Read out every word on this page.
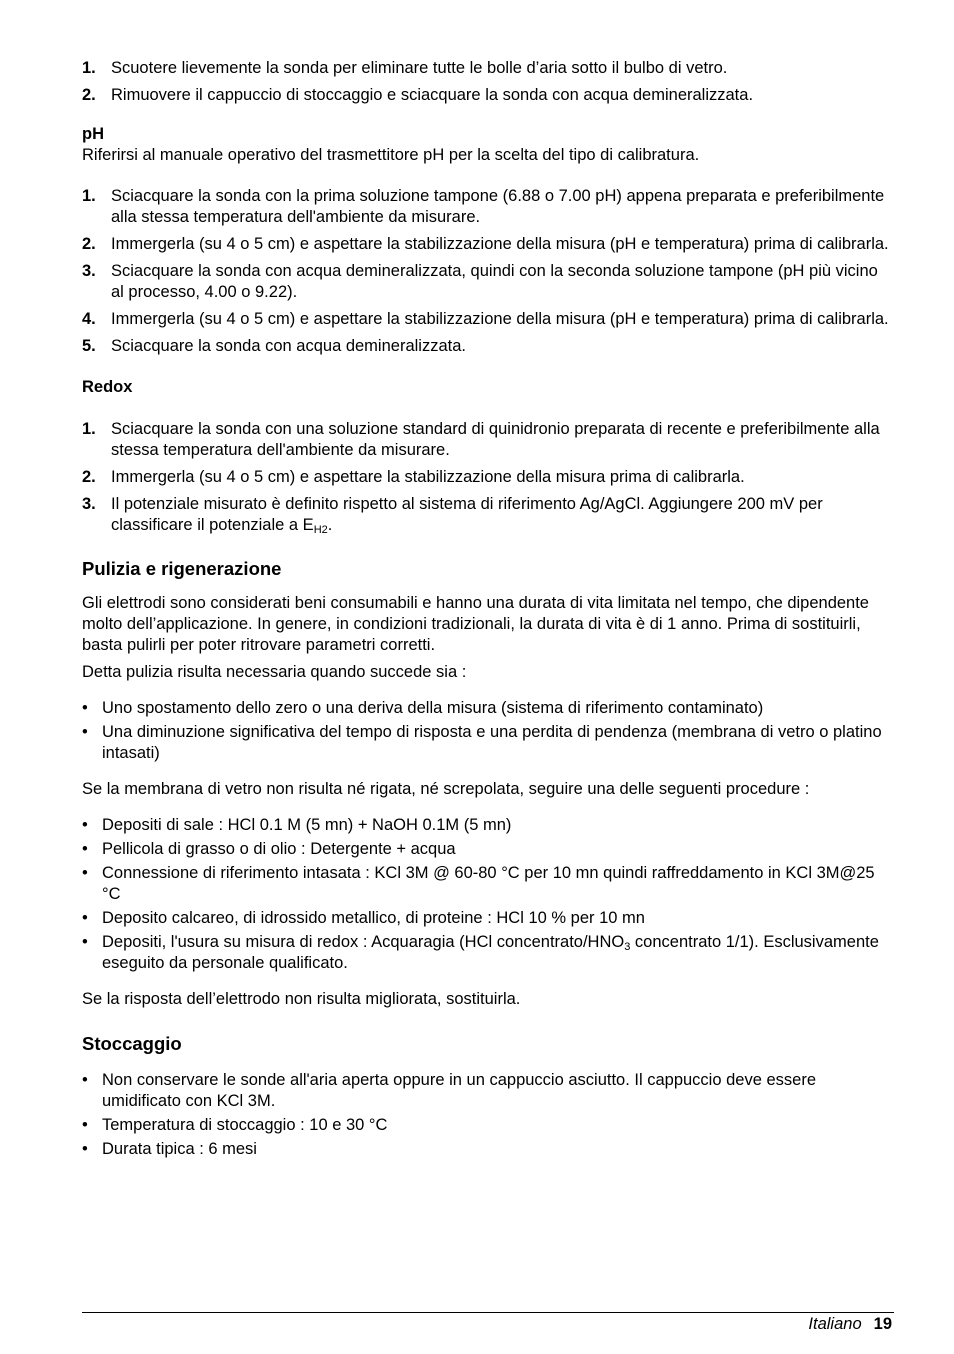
1. Scuotere lievemente la sonda per eliminare tutte le bolle d’aria sotto il bulbo di vetro.
2. Rimuovere il cappuccio di stoccaggio e sciacquare la sonda con acqua demineralizzata.
pH

Riferirsi al manuale operativo del trasmettitore pH per la scelta del tipo di calibratura.

1. Sciacquare la sonda con la prima soluzione tampone (6.88 o 7.00 pH) appena preparata e preferibilmente alla stessa temperatura dell'ambiente da misurare.
2. Immergerla (su 4 o 5 cm) e aspettare la stabilizzazione della misura (pH e temperatura) prima di calibrarla.
3. Sciacquare la sonda con acqua demineralizzata, quindi con la seconda soluzione tampone (pH più vicino al processo, 4.00 o 9.22).
4. Immergerla (su 4 o 5 cm) e aspettare la stabilizzazione della misura (pH e temperatura) prima di calibrarla.
5. Sciacquare la sonda con acqua demineralizzata.
Redox
1. Sciacquare la sonda con una soluzione standard di quinidronio preparata di recente e preferibilmente alla stessa temperatura dell'ambiente da misurare.
2. Immergerla (su 4 o 5 cm) e aspettare la stabilizzazione della misura prima di calibrarla.
3. Il potenziale misurato è definito rispetto al sistema di riferimento Ag/AgCl. Aggiungere 200 mV per classificare il potenziale a $E_{H2}$.
Pulizia e rigenerazione

Gli elettrodi sono considerati beni consumabili e hanno una durata di vita limitata nel tempo, che dipendente molto dell’applicazione. In genere, in condizioni tradizionali, la durata di vita è di 1 anno. Prima di sostituirli, basta pulirli per poter ritrovare parametri corretti.

Detta pulizia risulta necessaria quando succede sia :

• Uno spostamento dello zero o una deriva della misura (sistema di riferimento contaminato)
• Una diminuzione significativa del tempo di risposta e una perdita di pendenza (membrana di vetro o platino intasati)

Se la membrana di vetro non risulta né rigata, né screpolata, seguire una delle seguenti procedure :

• Depositi di sale : HCl 0.1 M (5 mn) + NaOH 0.1M (5 mn)
• Pellicola di grasso o di olio : Detergente + acqua
• Connessione di riferimento intasata : KCl 3M @ 60-80 °C per 10 mn quindi raffreddamento in KCl 3M@25 °C
• Deposito calcareo, di idrossido metallico, di proteine : HCl 10 % per 10 mn
• Depositi, l'usura su misura di redox : Acquaragia (HCl concentrato/$HNO_3$ concentrato 1/1). Esclusivamente eseguito da personale qualificato.

Se la risposta dell’elettrodo non risulta migliorata, sostituirla.

Stoccaggio
• Non conservare le sonde all'aria aperta oppure in un cappuccio asciutto. Il cappuccio deve essere umidificato con KCl 3M.
• Temperatura di stoccaggio : 10 e 30 °C
• Durata tipica : 6 mesi
Italiano 19
